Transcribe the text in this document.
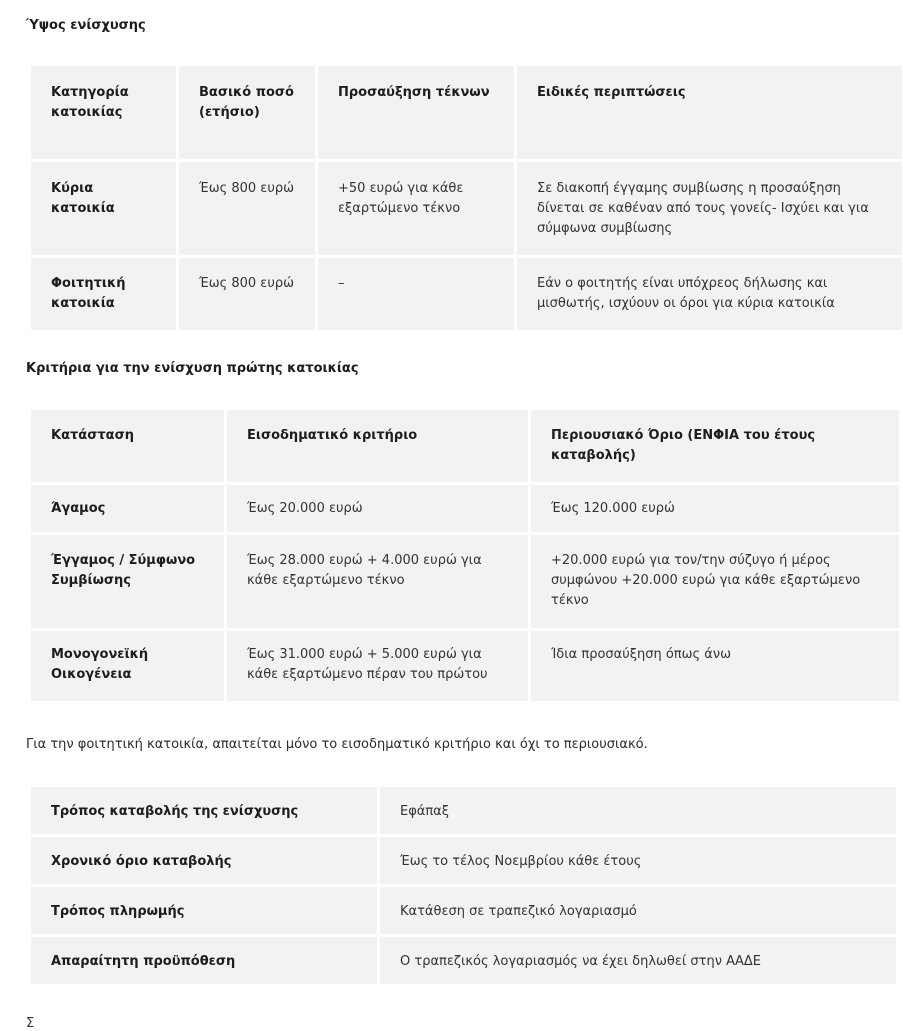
Ύψος ενίσχυσης
Κατηγορία κατοικίας	Βασικό ποσό (ετήσιο)	Προσαύξηση τέκνων	Ειδικές περιπτώσεις
Κύρια κατοικία	Έως 800 ευρώ	+50 ευρώ για κάθε εξαρτώμενο τέκνο	Σε διακοπή έγγαμης συμβίωσης η προσαύξηση δίνεται σε καθέναν από τους γονείς- Ισχύει και για σύμφωνα συμβίωσης
Φοιτητική κατοικία	Έως 800 ευρώ	–	Εάν ο φοιτητής είναι υπόχρεος δήλωσης και μισθωτής, ισχύουν οι όροι για κύρια κατοικία
Κριτήρια για την ενίσχυση πρώτης κατοικίας
Κατάσταση	Εισοδηματικό κριτήριο	Περιουσιακό Όριο (ΕΝΦΙΑ του έτους καταβολής)
Άγαμος	Έως 20.000 ευρώ	Έως 120.000 ευρώ
Έγγαμος / Σύμφωνο Συμβίωσης	Έως 28.000 ευρώ + 4.000 ευρώ για κάθε εξαρτώμενο τέκνο	+20.000 ευρώ για τον/την σύζυγο ή μέρος συμφώνου +20.000 ευρώ για κάθε εξαρτώμενο τέκνο
Μονογονεϊκή Οικογένεια	Έως 31.000 ευρώ + 5.000 ευρώ για κάθε εξαρτώμενο πέραν του πρώτου	Ίδια προσαύξηση όπως άνω

Για την φοιτητική κατοικία, απαιτείται μόνο το εισοδηματικό κριτήριο και όχι το περιουσιακό.

Τρόπος καταβολής της ενίσχυσης	Εφάπαξ
Χρονικό όριο καταβολής	Έως το τέλος Νοεμβρίου κάθε έτους
Τρόπος πληρωμής	Κατάθεση σε τραπεζικό λογαριασμό
Απαραίτητη προϋπόθεση	Ο τραπεζικός λογαριασμός να έχει δηλωθεί στην ΑΑΔΕ

Σ
